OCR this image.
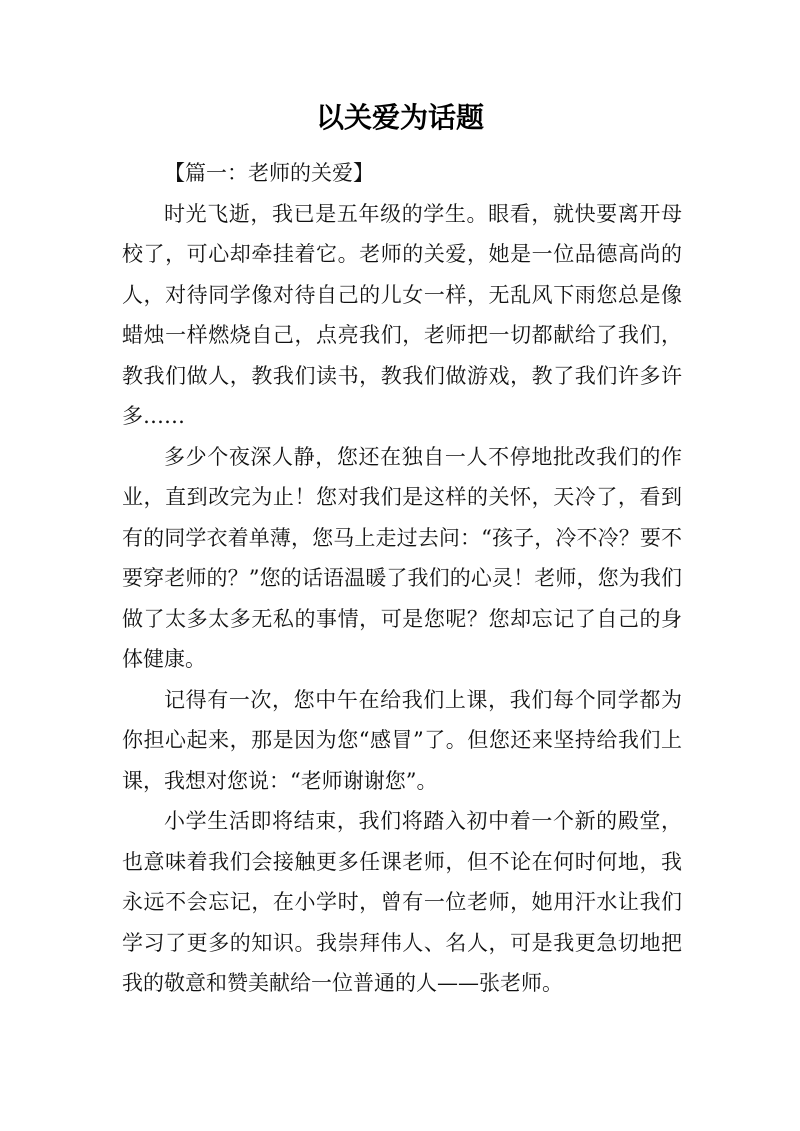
以关爱为话题

【篇一：老师的关爱】

时光飞逝，我已是五年级的学生。眼看，就快要离开母校了，可心却牵挂着它。老师的关爱，她是一位品德高尚的人，对待同学像对待自己的儿女一样，无乱风下雨您总是像蜡烛一样燃烧自己，点亮我们，老师把一切都献给了我们，教我们做人，教我们读书，教我们做游戏，教了我们许多许多……

多少个夜深人静，您还在独自一人不停地批改我们的作业，直到改完为止！您对我们是这样的关怀，天冷了，看到有的同学衣着单薄，您马上走过去问：“孩子，冷不冷？要不要穿老师的？”您的话语温暖了我们的心灵！老师，您为我们做了太多太多无私的事情，可是您呢？您却忘记了自己的身体健康。

记得有一次，您中午在给我们上课，我们每个同学都为你担心起来，那是因为您“感冒”了。但您还来坚持给我们上课，我想对您说：“老师谢谢您”。

小学生活即将结束，我们将踏入初中着一个新的殿堂，也意味着我们会接触更多任课老师，但不论在何时何地，我永远不会忘记，在小学时，曾有一位老师，她用汗水让我们学习了更多的知识。我崇拜伟人、名人，可是我更急切地把我的敬意和赞美献给一位普通的人——张老师。
